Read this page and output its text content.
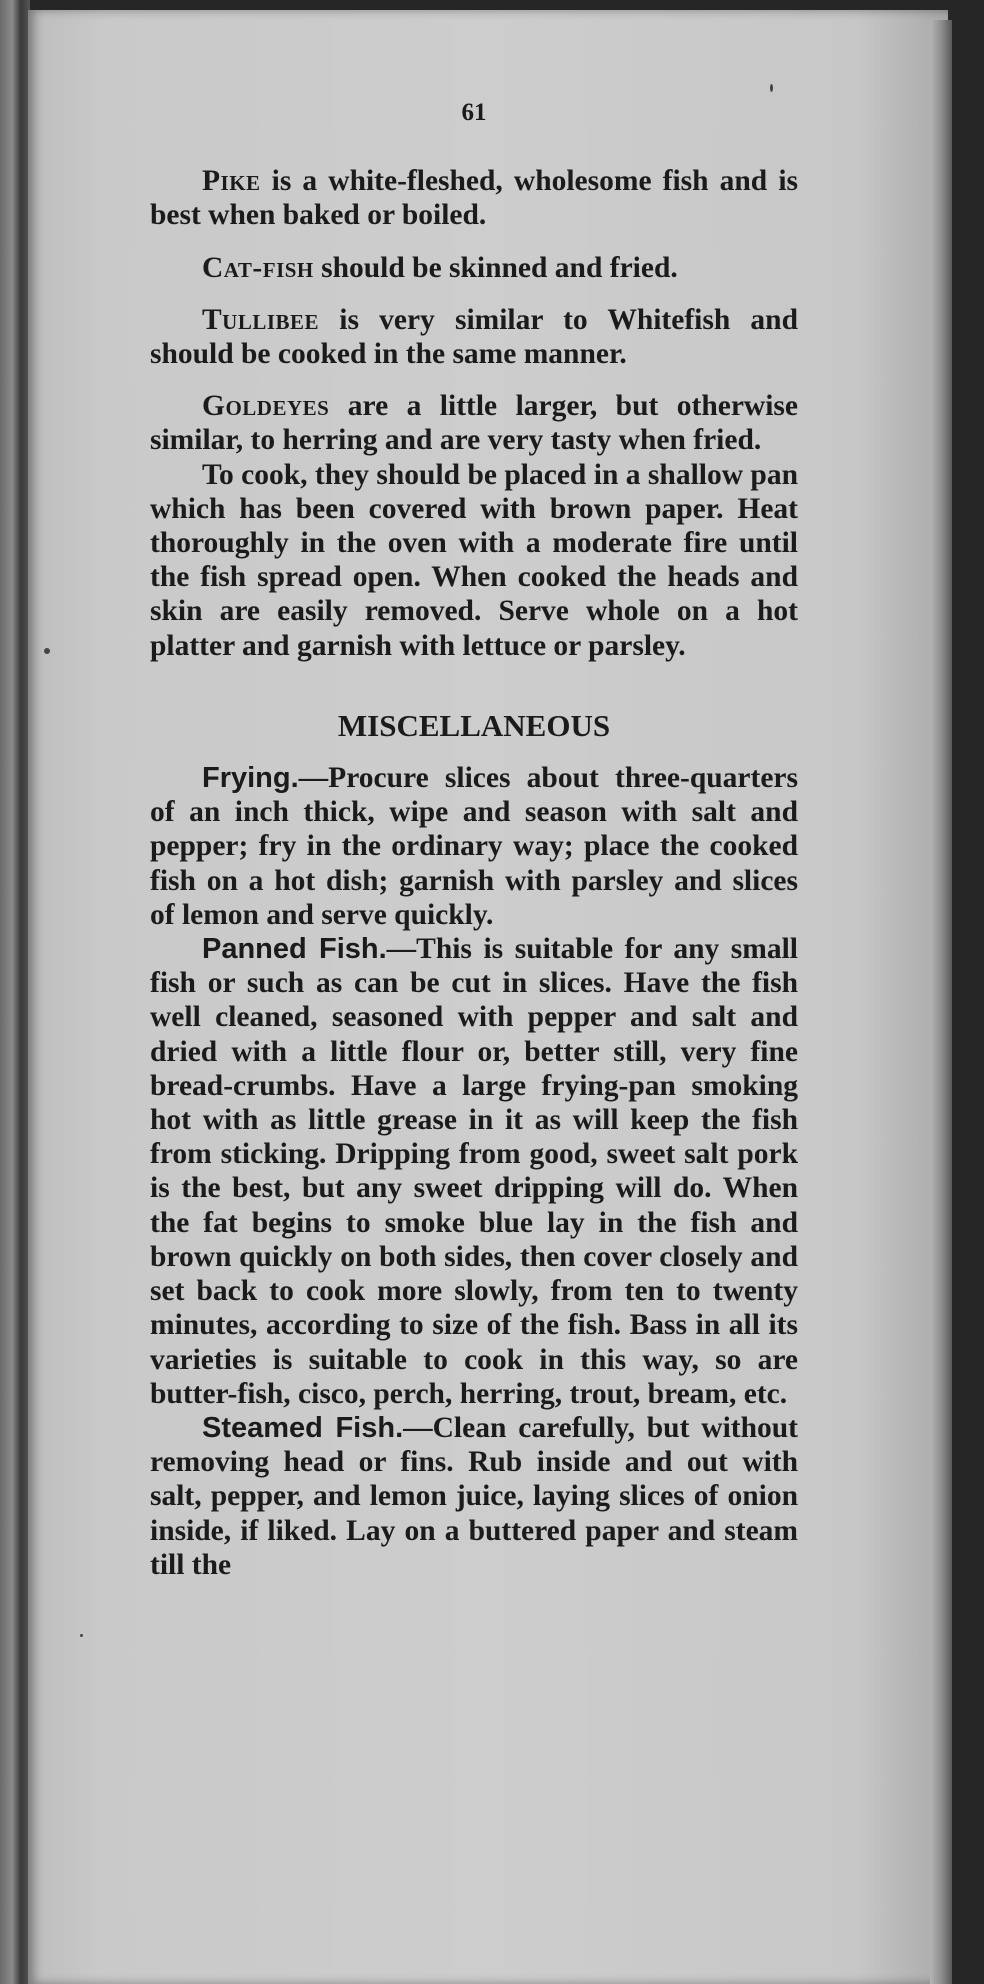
61

Pike is a white-fleshed, wholesome fish and is best when baked or boiled.

Cat-fish should be skinned and fried.

Tullibee is very similar to Whitefish and should be cooked in the same manner.

Goldeyes are a little larger, but otherwise similar, to herring and are very tasty when fried.

To cook, they should be placed in a shallow pan which has been covered with brown paper. Heat thoroughly in the oven with a moderate fire until the fish spread open. When cooked the heads and skin are easily removed. Serve whole on a hot platter and garnish with lettuce or parsley.

MISCELLANEOUS

Frying.—Procure slices about three-quarters of an inch thick, wipe and season with salt and pepper; fry in the ordinary way; place the cooked fish on a hot dish; garnish with parsley and slices of lemon and serve quickly.

Panned Fish.—This is suitable for any small fish or such as can be cut in slices. Have the fish well cleaned, seasoned with pepper and salt and dried with a little flour or, better still, very fine bread-crumbs. Have a large frying-pan smoking hot with as little grease in it as will keep the fish from sticking. Dripping from good, sweet salt pork is the best, but any sweet dripping will do. When the fat begins to smoke blue lay in the fish and brown quickly on both sides, then cover closely and set back to cook more slowly, from ten to twenty minutes, according to size of the fish. Bass in all its varieties is suitable to cook in this way, so are butter-fish, cisco, perch, herring, trout, bream, etc.

Steamed Fish.—Clean carefully, but without removing head or fins. Rub inside and out with salt, pepper, and lemon juice, laying slices of onion inside, if liked. Lay on a buttered paper and steam till the
